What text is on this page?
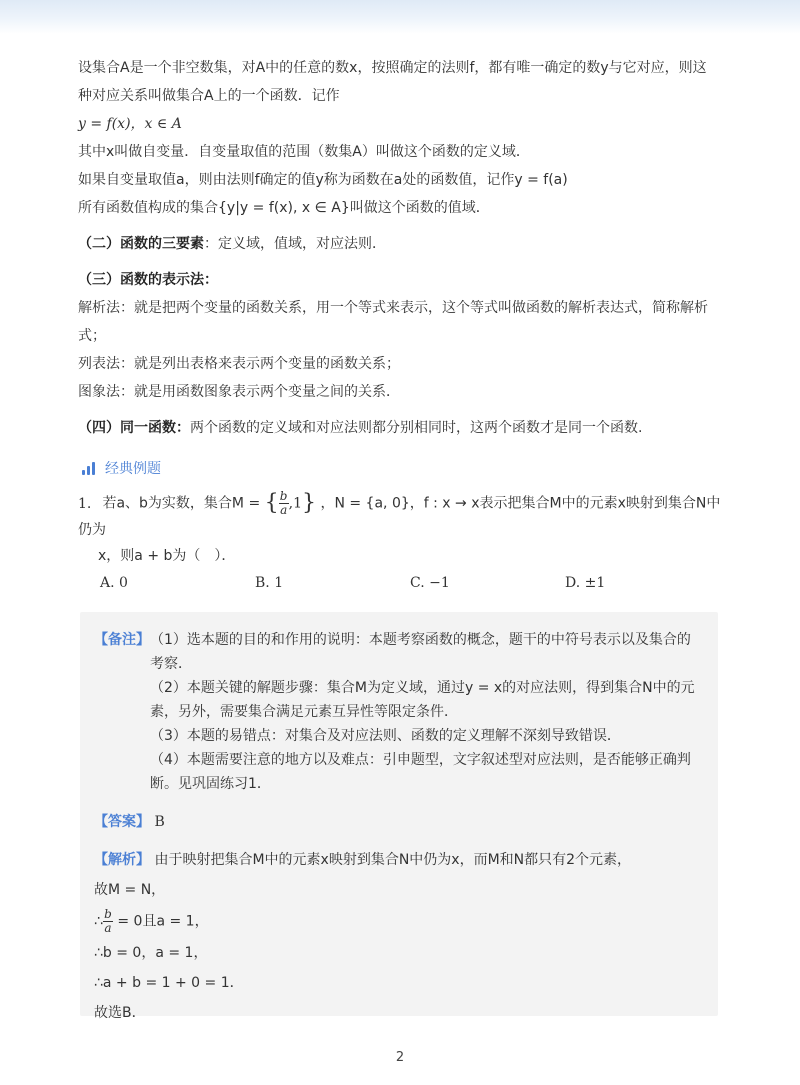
设集合A是一个非空数集，对A中的任意的数x，按照确定的法则f，都有唯一确定的数y与它对应，则这
种对应关系叫做集合A上的一个函数．记作
y = f(x)，x ∈ A
其中x叫做自变量．自变量取值的范围（数集A）叫做这个函数的定义域．
如果自变量取值a，则由法则f确定的值y称为函数在a处的函数值，记作y = f(a)
所有函数值构成的集合{y|y = f(x), x ∈ A}叫做这个函数的值域．
（二）函数的三要素：定义域，值域，对应法则．
（三）函数的表示法：
解析法：就是把两个变量的函数关系，用一个等式来表示，这个等式叫做函数的解析表达式，简称解析
式；
列表法：就是列出表格来表示两个变量的函数关系；
图象法：就是用函数图象表示两个变量之间的关系．
（四）同一函数：两个函数的定义域和对应法则都分别相同时，这两个函数才是同一个函数.
经典例题
1. 若a、b为实数，集合M = { $\frac{b}{a} ,1$} ，N = {a, 0}，f : x → x表示把集合M中的元素x映射到集合N中仍为
x，则a + b为（　）．
A. 0	B. 1	C. −1	D. ±1
【备注】 （1）选本题的目的和作用的说明：本题考察函数的概念，题干的中符号表示以及集合的考察．

（2）本题关键的解题步骤：集合M为定义域，通过y = x的对应法则，得到集合N中的元素，另外，需要集合满足元素互异性等限定条件．

（3）本题的易错点：对集合及对应法则、函数的定义理解不深刻导致错误．

（4）本题需要注意的地方以及难点：引申题型，文字叙述型对应法则，是否能够正确判断。见巩固练习1．

【答案】 B
【解析】 由于映射把集合M中的元素x映射到集合N中仍为x，而M和N都只有2个元素，
故M = N，
∴ $\frac{b}{a} = 0$且a = 1，
∴b = 0，a = 1，
∴a + b = 1 + 0 = 1．
故选B．
2
